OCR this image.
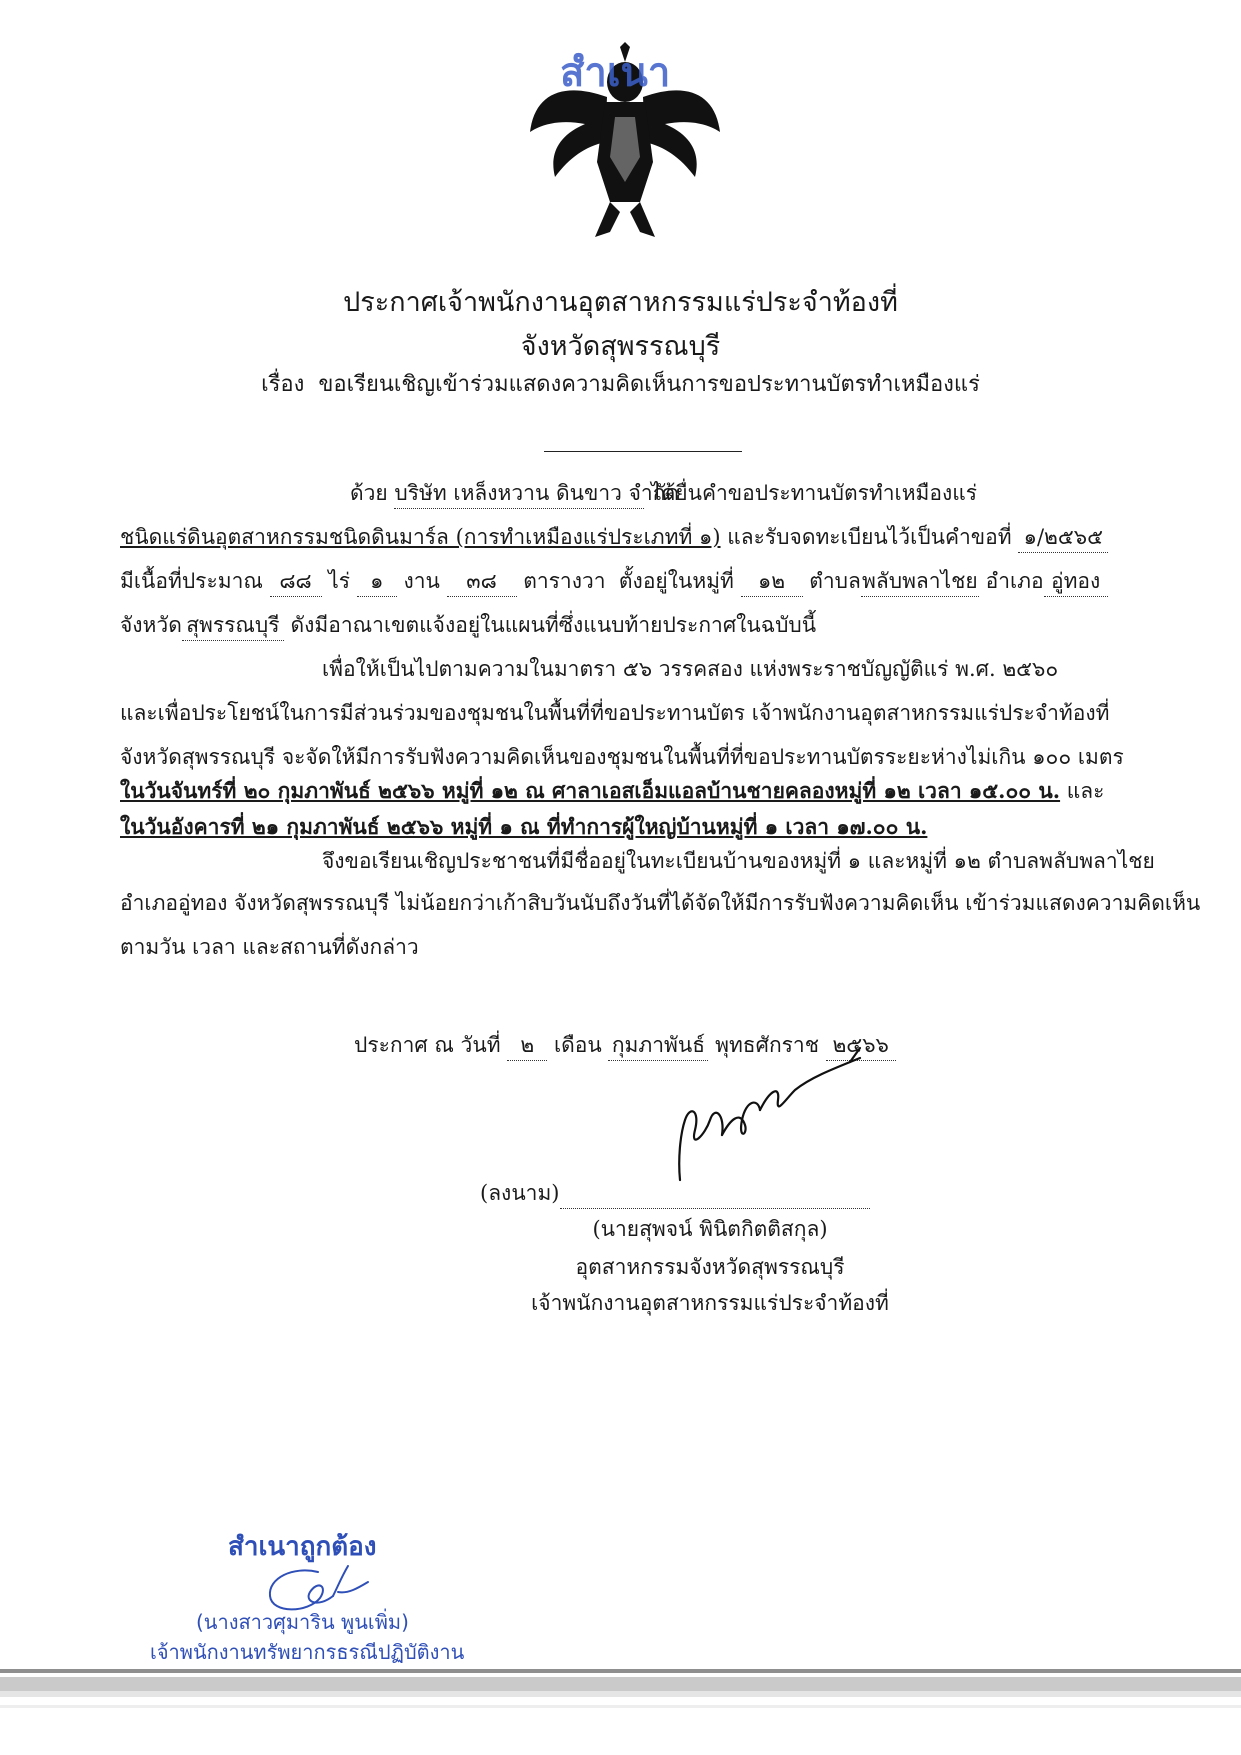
สำเนา
ประกาศเจ้าพนักงานอุตสาหกรรมแร่ประจำท้องที่
จังหวัดสุพรรณบุรี
เรื่อง ขอเรียนเชิญเข้าร่วมแสดงความคิดเห็นการขอประทานบัตรทำเหมืองแร่
ด้วย บริษัท เหล็งหวาน ดินขาว จำกัด ได้ยื่นคำขอประทานบัตรทำเหมืองแร่
ชนิดแร่ดินอุตสาหกรรมชนิดดินมาร์ล (การทำเหมืองแร่ประเภทที่ ๑) และรับจดทะเบียนไว้เป็นคำขอที่ ๑/๒๕๖๕
มีเนื้อที่ประมาณ ๘๘ ไร่ ๑ งาน ๓๘ ตารางวา ตั้งอยู่ในหมู่ที่ ๑๒ ตำบลพลับพลาไชย อำเภอ อู่ทอง
จังหวัด สุพรรณบุรี ดังมีอาณาเขตแจ้งอยู่ในแผนที่ซึ่งแนบท้ายประกาศในฉบับนี้
เพื่อให้เป็นไปตามความในมาตรา ๕๖ วรรคสอง แห่งพระราชบัญญัติแร่ พ.ศ. ๒๕๖๐
และเพื่อประโยชน์ในการมีส่วนร่วมของชุมชนในพื้นที่ที่ขอประทานบัตร เจ้าพนักงานอุตสาหกรรมแร่ประจำท้องที่
จังหวัดสุพรรณบุรี จะจัดให้มีการรับฟังความคิดเห็นของชุมชนในพื้นที่ที่ขอประทานบัตรระยะห่างไม่เกิน ๑๐๐ เมตร
ในวันจันทร์ที่ ๒๐ กุมภาพันธ์ ๒๕๖๖ หมู่ที่ ๑๒ ณ ศาลาเอสเอ็มแอลบ้านชายคลองหมู่ที่ ๑๒ เวลา ๑๕.๐๐ น. และ
ในวันอังคารที่ ๒๑ กุมภาพันธ์ ๒๕๖๖ หมู่ที่ ๑ ณ ที่ทำการผู้ใหญ่บ้านหมู่ที่ ๑ เวลา ๑๗.๐๐ น.
จึงขอเรียนเชิญประชาชนที่มีชื่ออยู่ในทะเบียนบ้านของหมู่ที่ ๑ และหมู่ที่ ๑๒ ตำบลพลับพลาไชย
อำเภออู่ทอง จังหวัดสุพรรณบุรี ไม่น้อยกว่าเก้าสิบวันนับถึงวันที่ได้จัดให้มีการรับฟังความคิดเห็น เข้าร่วมแสดงความคิดเห็น
ตามวัน เวลา และสถานที่ดังกล่าว
ประกาศ ณ วันที่ ๒ เดือน กุมภาพันธ์ พุทธศักราช ๒๕๖๖
(ลงนาม)
(นายสุพจน์ พินิตกิตติสกุล)
อุตสาหกรรมจังหวัดสุพรรณบุรี
เจ้าพนักงานอุตสาหกรรมแร่ประจำท้องที่
สำเนาถูกต้อง
(นางสาวศุมาริน พูนเพิ่ม)
เจ้าพนักงานทรัพยากรธรณีปฏิบัติงาน
